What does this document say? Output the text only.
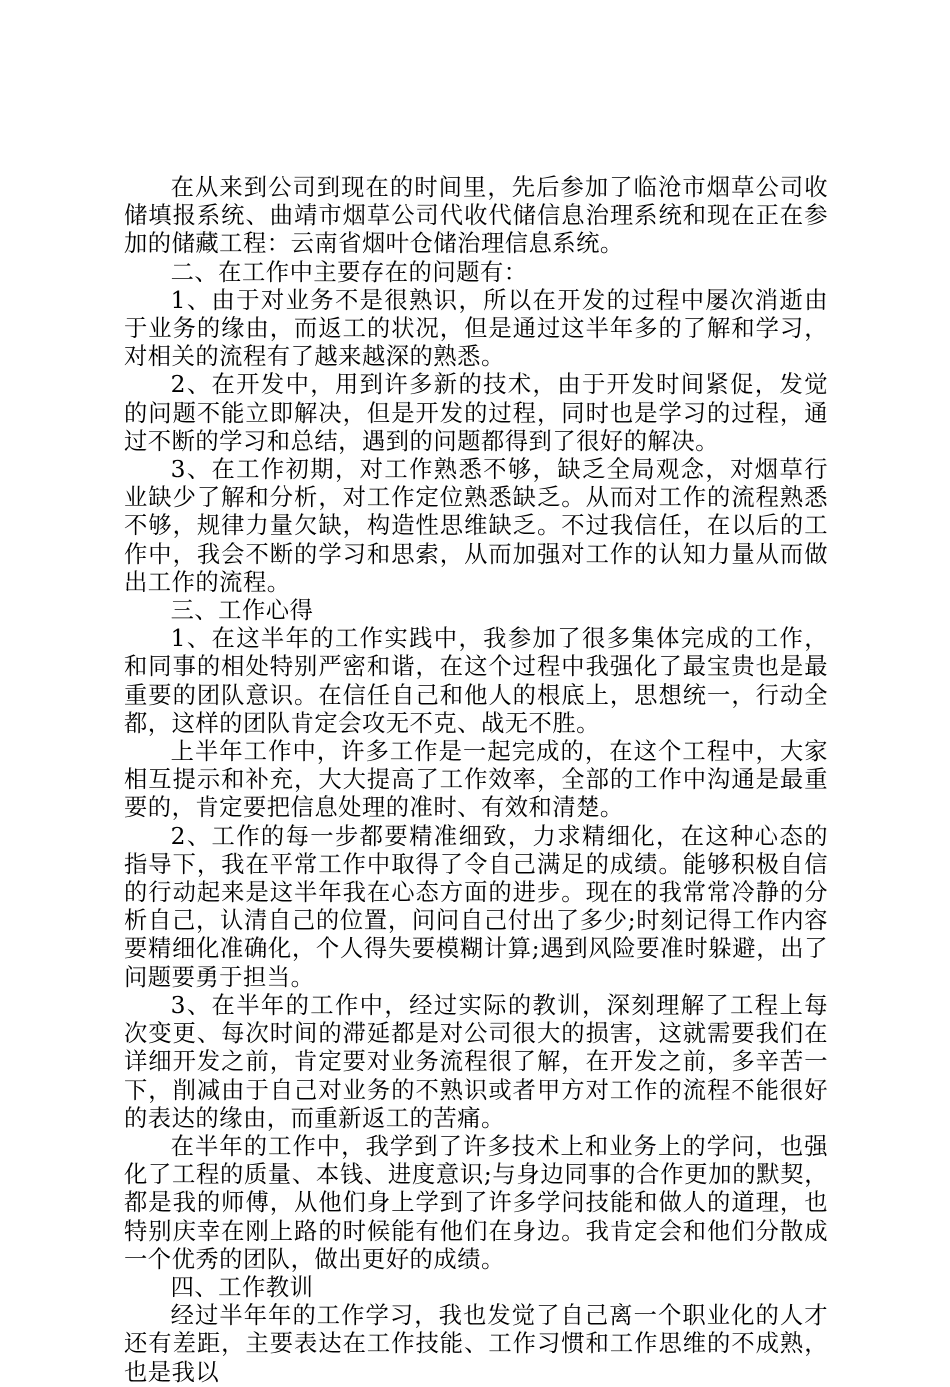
在从来到公司到现在的时间里，先后参加了临沧市烟草公司收储填报系统、曲靖市烟草公司代收代储信息治理系统和现在正在参加的储藏工程：云南省烟叶仓储治理信息系统。

二、在工作中主要存在的问题有：

1、由于对业务不是很熟识，所以在开发的过程中屡次消逝由于业务的缘由，而返工的状况，但是通过这半年多的了解和学习，对相关的流程有了越来越深的熟悉。

2、在开发中，用到许多新的技术，由于开发时间紧促，发觉的问题不能立即解决，但是开发的过程，同时也是学习的过程，通过不断的学习和总结，遇到的问题都得到了很好的解决。

3、在工作初期，对工作熟悉不够，缺乏全局观念，对烟草行业缺少了解和分析，对工作定位熟悉缺乏。从而对工作的流程熟悉不够，规律力量欠缺，构造性思维缺乏。不过我信任，在以后的工作中，我会不断的学习和思索，从而加强对工作的认知力量从而做出工作的流程。

三、工作心得

1、在这半年的工作实践中，我参加了很多集体完成的工作，和同事的相处特别严密和谐，在这个过程中我强化了最宝贵也是最重要的团队意识。在信任自己和他人的根底上，思想统一，行动全都，这样的团队肯定会攻无不克、战无不胜。

上半年工作中，许多工作是一起完成的，在这个工程中，大家相互提示和补充，大大提高了工作效率，全部的工作中沟通是最重要的，肯定要把信息处理的准时、有效和清楚。

2、工作的每一步都要精准细致，力求精细化，在这种心态的指导下，我在平常工作中取得了令自己满足的成绩。能够积极自信的行动起来是这半年我在心态方面的进步。现在的我常常冷静的分析自己，认清自己的位置，问问自己付出了多少;时刻记得工作内容要精细化准确化，个人得失要模糊计算;遇到风险要准时躲避，出了问题要勇于担当。

3、在半年的工作中，经过实际的教训，深刻理解了工程上每次变更、每次时间的滞延都是对公司很大的损害，这就需要我们在详细开发之前，肯定要对业务流程很了解，在开发之前，多辛苦一下，削减由于自己对业务的不熟识或者甲方对工作的流程不能很好的表达的缘由，而重新返工的苦痛。

在半年的工作中，我学到了许多技术上和业务上的学问，也强化了工程的质量、本钱、进度意识;与身边同事的合作更加的默契，都是我的师傅，从他们身上学到了许多学问技能和做人的道理，也特别庆幸在刚上路的时候能有他们在身边。我肯定会和他们分散成一个优秀的团队，做出更好的成绩。

四、工作教训

经过半年年的工作学习，我也发觉了自己离一个职业化的人才还有差距，主要表达在工作技能、工作习惯和工作思维的不成熟，也是我以
